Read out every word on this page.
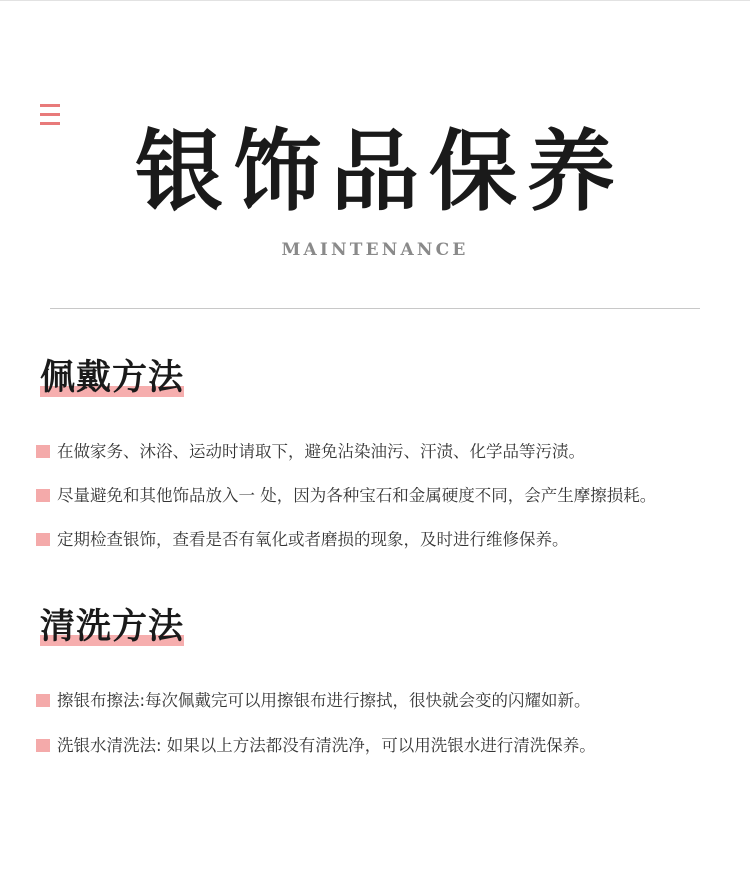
银饰品保养
MAINTENANCE
佩戴方法
在做家务、沐浴、运动时请取下，避免沾染油污、汗渍、化学品等污渍。
尽量避免和其他饰品放入一 处，因为各种宝石和金属硬度不同，会产生摩擦损耗。
定期检查银饰，查看是否有氧化或者磨损的现象，及时进行维修保养。
清洗方法
擦银布擦法:每次佩戴完可以用擦银布进行擦拭，很快就会变的闪耀如新。
洗银水清洗法: 如果以上方法都没有清洗净，可以用洗银水进行清洗保养。
